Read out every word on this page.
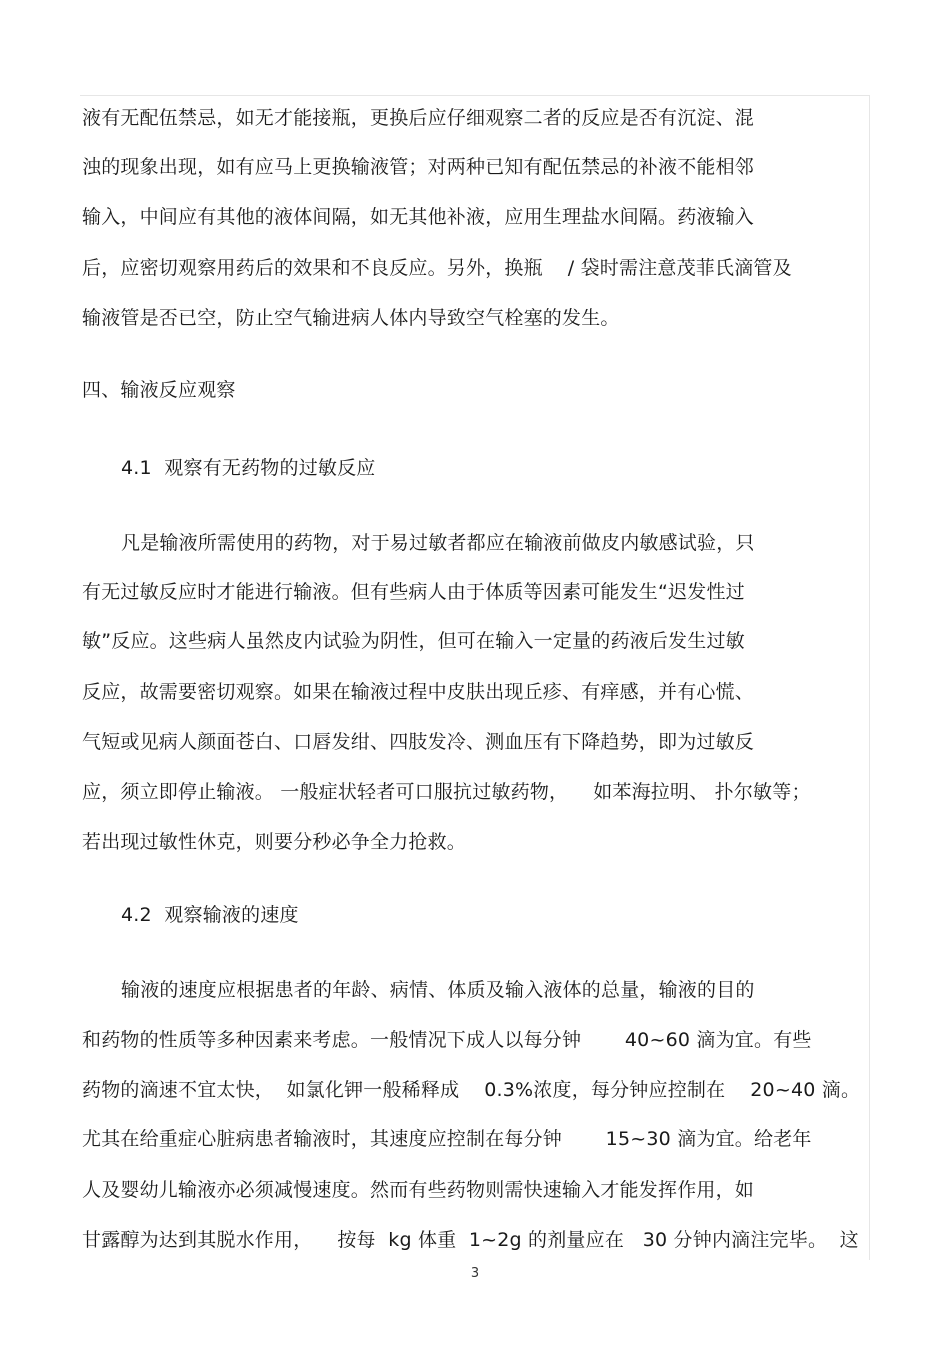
液有无配伍禁忌，如无才能接瓶，更换后应仔细观察二者的反应是否有沉淀、混
浊的现象出现，如有应马上更换输液管；对两种已知有配伍禁忌的补液不能相邻
输入，中间应有其他的液体间隔，如无其他补液，应用生理盐水间隔。药液输入
后，应密切观察用药后的效果和不良反应。另外，换瓶    / 袋时需注意茂菲氏滴管及
输液管是否已空，防止空气输进病人体内导致空气栓塞的发生。
四、输液反应观察
4.1  观察有无药物的过敏反应
凡是输液所需使用的药物，对于易过敏者都应在输液前做皮内敏感试验，只
有无过敏反应时才能进行输液。但有些病人由于体质等因素可能发生“迟发性过
敏”反应。这些病人虽然皮内试验为阴性，但可在输入一定量的药液后发生过敏
反应，故需要密切观察。如果在输液过程中皮肤出现丘疹、有痒感，并有心慌、
气短或见病人颜面苍白、口唇发绀、四肢发冷、测血压有下降趋势，即为过敏反
应，须立即停止输液。 一般症状轻者可口服抗过敏药物，    如苯海拉明、 扑尔敏等；
若出现过敏性休克，则要分秒必争全力抢救。
4.2  观察输液的速度
输液的速度应根据患者的年龄、病情、体质及输入液体的总量，输液的目的
和药物的性质等多种因素来考虑。一般情况下成人以每分钟       40~60 滴为宜。有些
药物的滴速不宜太快，  如氯化钾一般稀释成    0.3%浓度，每分钟应控制在    20~40 滴。
尤其在给重症心脏病患者输液时，其速度应控制在每分钟       15~30 滴为宜。给老年
人及婴幼儿输液亦必须减慢速度。然而有些药物则需快速输入才能发挥作用，如
甘露醇为达到其脱水作用，    按每  kg 体重  1~2g 的剂量应在   30 分钟内滴注完毕。  这
3
